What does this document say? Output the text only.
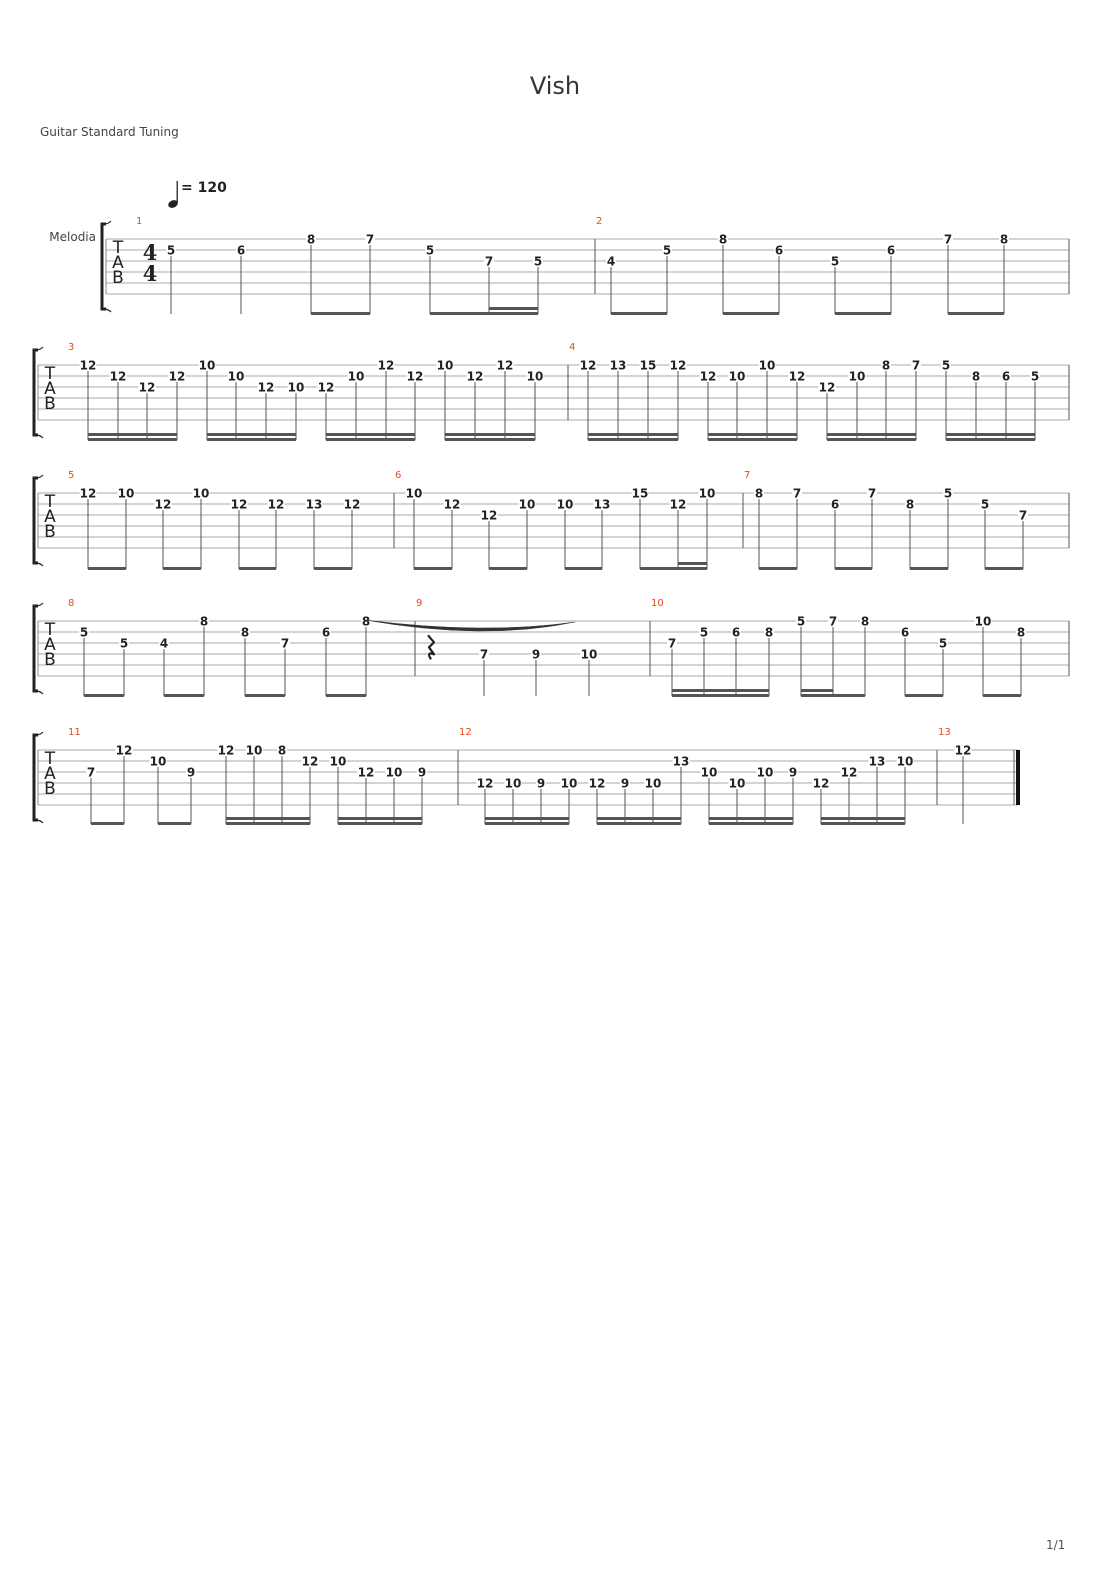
Vish
Guitar Standard Tuning
= 120
1/1
T
A
B
Melodia
4
4
1
5	6
8	7
5
7	5
2
4
5
8
6
5
6
7	8
T
A
B
3
12
12
12
12
10
10
12 10 12
10
12
12
10
12
12
10
4
12 13 15 12
12 10
10
12
12
10
8 7 5
8 6 5
T
A
B
5
12 10
12
10
12 12 13 12
6
10
12
12
10 10 13
15
12
10
7
8 7
6
7
8
5
5
7
T
A
B
8
5
5	4
8
8
7
6
8
9
7	9	10
10
7
5 6 8
5 7 8
6
5
10
8
T
A
B
11
7
12
10
9
12 10 8
12 10
12 10 9
12
12 10 9 10 12 9 10
13
10
10
10 9
12
12
13 10
13
12
